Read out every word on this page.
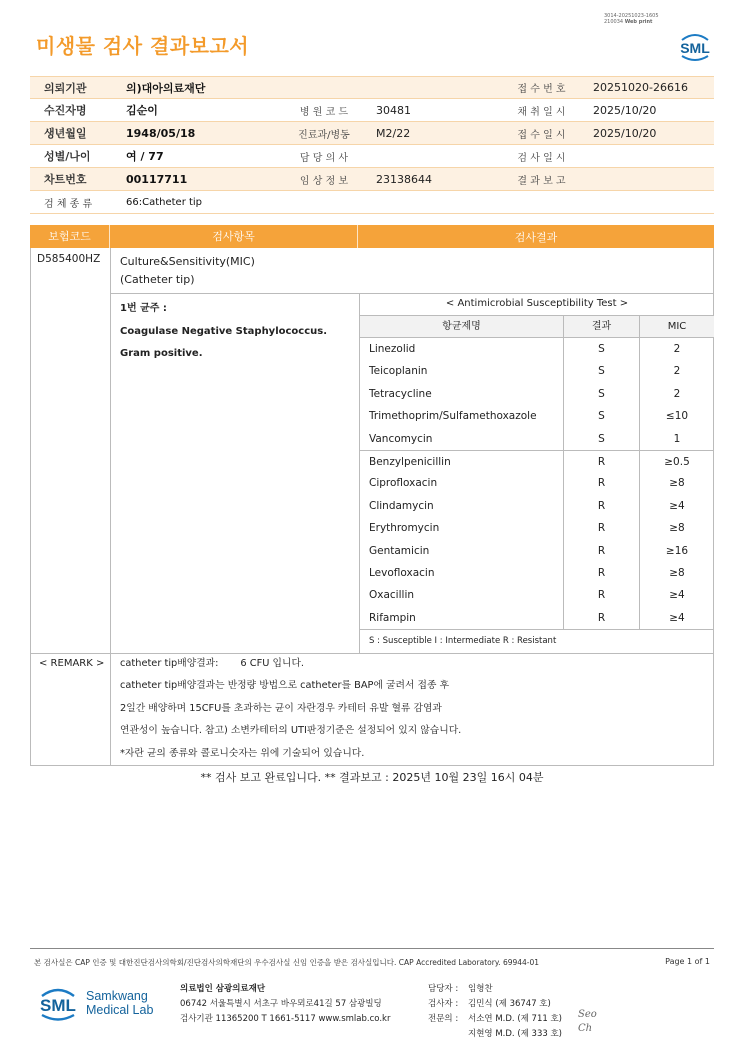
3014-20251023-1605
210034 Web print
미생물 검사 결과보고서	SML
의뢰기관	의)대아의료재단	접 수 번 호	20251020-26616
수진자명	김순이	병 원 코 드	30481	채 취 일 시	2025/10/20
생년월일	1948/05/18	진료과/병동	M2/22	접 수 일 시	2025/10/20
성별/나이	여 / 77	담 당 의 사	검 사 일 시
차트번호	00117711	임 상 정 보	23138644	결 과 보 고
검 체 종 류	66:Catheter tip
보험코드	검사항목	검사결과
D585400HZ Culture&Sensitivity(MIC)
(Catheter tip)
1번 균주 :
Coagulase Negative Staphylococcus.
Gram positive.
< Antimicrobial Susceptibility Test >
항균제명	결과	MIC
Linezolid	S	2
Teicoplanin	S	2
Tetracycline	S	2
Trimethoprim/Sulfamethoxazole	S	≤10
Vancomycin	S	1
Benzylpenicillin	R	≥0.5
Ciprofloxacin	R	≥8
Clindamycin	R	≥4
Erythromycin	R	≥8
Gentamicin	R	≥16
Levofloxacin	R	≥8
Oxacillin	R	≥4
Rifampin	R	≥4
S : Susceptible I : Intermediate R : Resistant
< REMARK > catheter tip배양결과: 6 CFU 입니다.
catheter tip배양결과는 반정량 방법으로 catheter를 BAP에 굴려서 접종 후
2일간 배양하며 15CFU를 초과하는 균이 자란경우 카테터 유발 혈류 감염과
연관성이 높습니다. 참고) 소변카테터의 UTI판정기준은 설정되어 있지 않습니다.
*자란 균의 종류와 콜로니숫자는 위에 기술되어 있습니다.
** 검사 보고 완료입니다. ** 결과보고 : 2025년 10월 23일 16시 04분
본 검사실은 CAP 인증 및 대한진단검사의학회/진단검사의학재단의 우수검사실 신임 인증을 받은 검사실입니다. CAP Accredited Laboratory. 69944-01	Page 1 of 1
SML Samkwang
Medical Lab
의료법인 삼광의료재단
06742 서울특별시 서초구 바우뫼로41길 57 삼광빌딩
검사기관 11365200 T 1661-5117 www.smlab.co.kr
담당자 :	임형찬
검사자 :	김민식 (제 36747 호)
전문의 :	서소연 M.D. (제 711 호)
지현영 M.D. (제 333 호)
Seo
Ch
